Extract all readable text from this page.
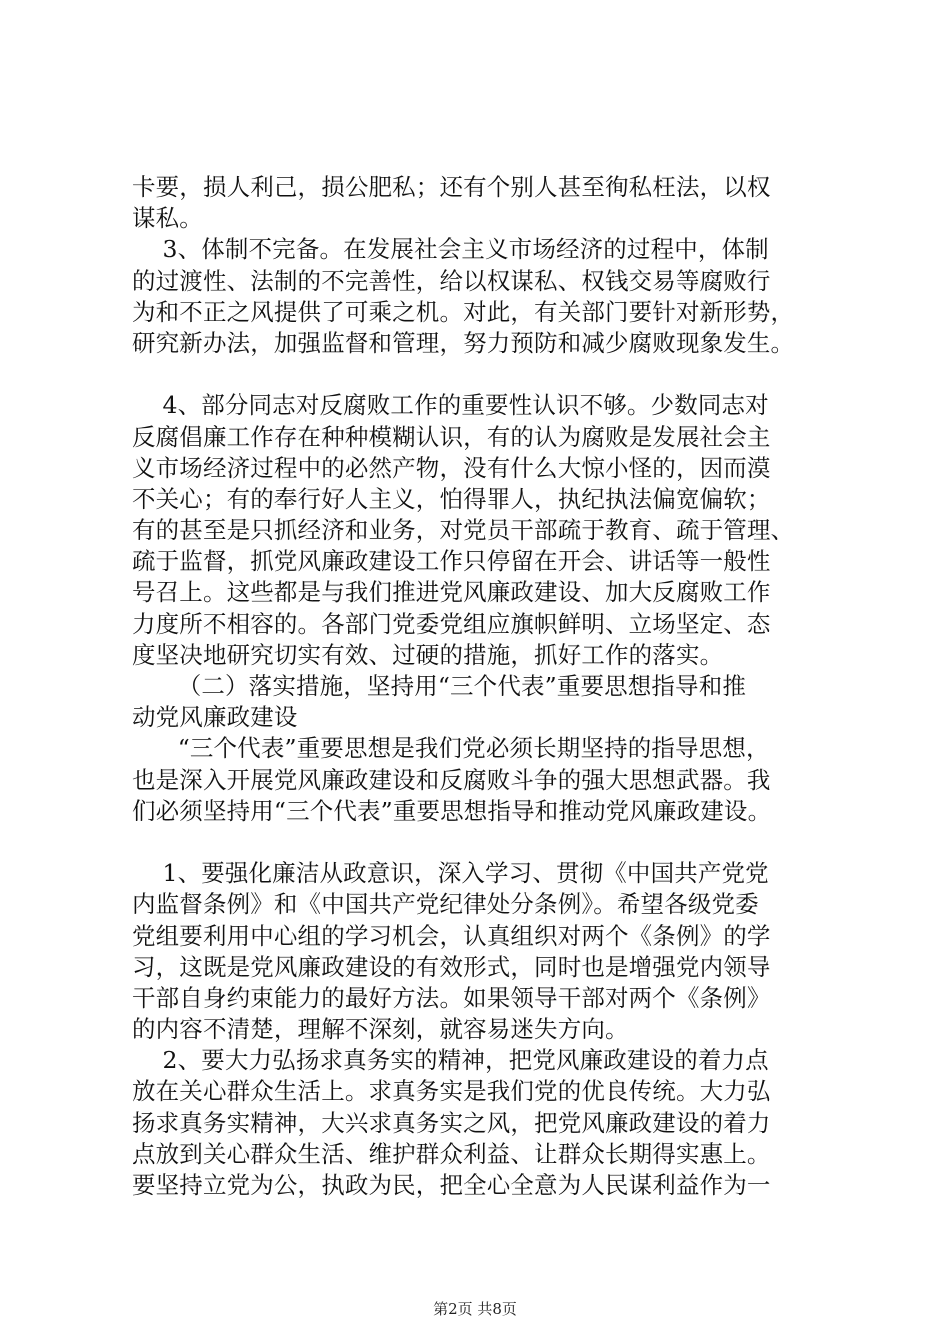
卡要，损人利己，损公肥私；还有个别人甚至徇私枉法，以权
谋私。
3、体制不完备。在发展社会主义市场经济的过程中，体制
的过渡性、法制的不完善性，给以权谋私、权钱交易等腐败行
为和不正之风提供了可乘之机。对此，有关部门要针对新形势，
研究新办法，加强监督和管理，努力预防和减少腐败现象发生。
4、部分同志对反腐败工作的重要性认识不够。少数同志对
反腐倡廉工作存在种种模糊认识，有的认为腐败是发展社会主
义市场经济过程中的必然产物，没有什么大惊小怪的，因而漠
不关心；有的奉行好人主义，怕得罪人，执纪执法偏宽偏软；
有的甚至是只抓经济和业务，对党员干部疏于教育、疏于管理、
疏于监督，抓党风廉政建设工作只停留在开会、讲话等一般性
号召上。这些都是与我们推进党风廉政建设、加大反腐败工作
力度所不相容的。各部门党委党组应旗帜鲜明、立场坚定、态
度坚决地研究切实有效、过硬的措施，抓好工作的落实。
（二）落实措施，坚持用“三个代表”重要思想指导和推
动党风廉政建设
“三个代表”重要思想是我们党必须长期坚持的指导思想，
也是深入开展党风廉政建设和反腐败斗争的强大思想武器。我
们必须坚持用“三个代表”重要思想指导和推动党风廉政建设。
1、要强化廉洁从政意识，深入学习、贯彻《中国共产党党
内监督条例》和《中国共产党纪律处分条例》。希望各级党委
党组要利用中心组的学习机会，认真组织对两个《条例》的学
习，这既是党风廉政建设的有效形式，同时也是增强党内领导
干部自身约束能力的最好方法。如果领导干部对两个《条例》
的内容不清楚，理解不深刻，就容易迷失方向。
2、要大力弘扬求真务实的精神，把党风廉政建设的着力点
放在关心群众生活上。求真务实是我们党的优良传统。大力弘
扬求真务实精神，大兴求真务实之风，把党风廉政建设的着力
点放到关心群众生活、维护群众利益、让群众长期得实惠上。
要坚持立党为公，执政为民，把全心全意为人民谋利益作为一
第2页 共8页
